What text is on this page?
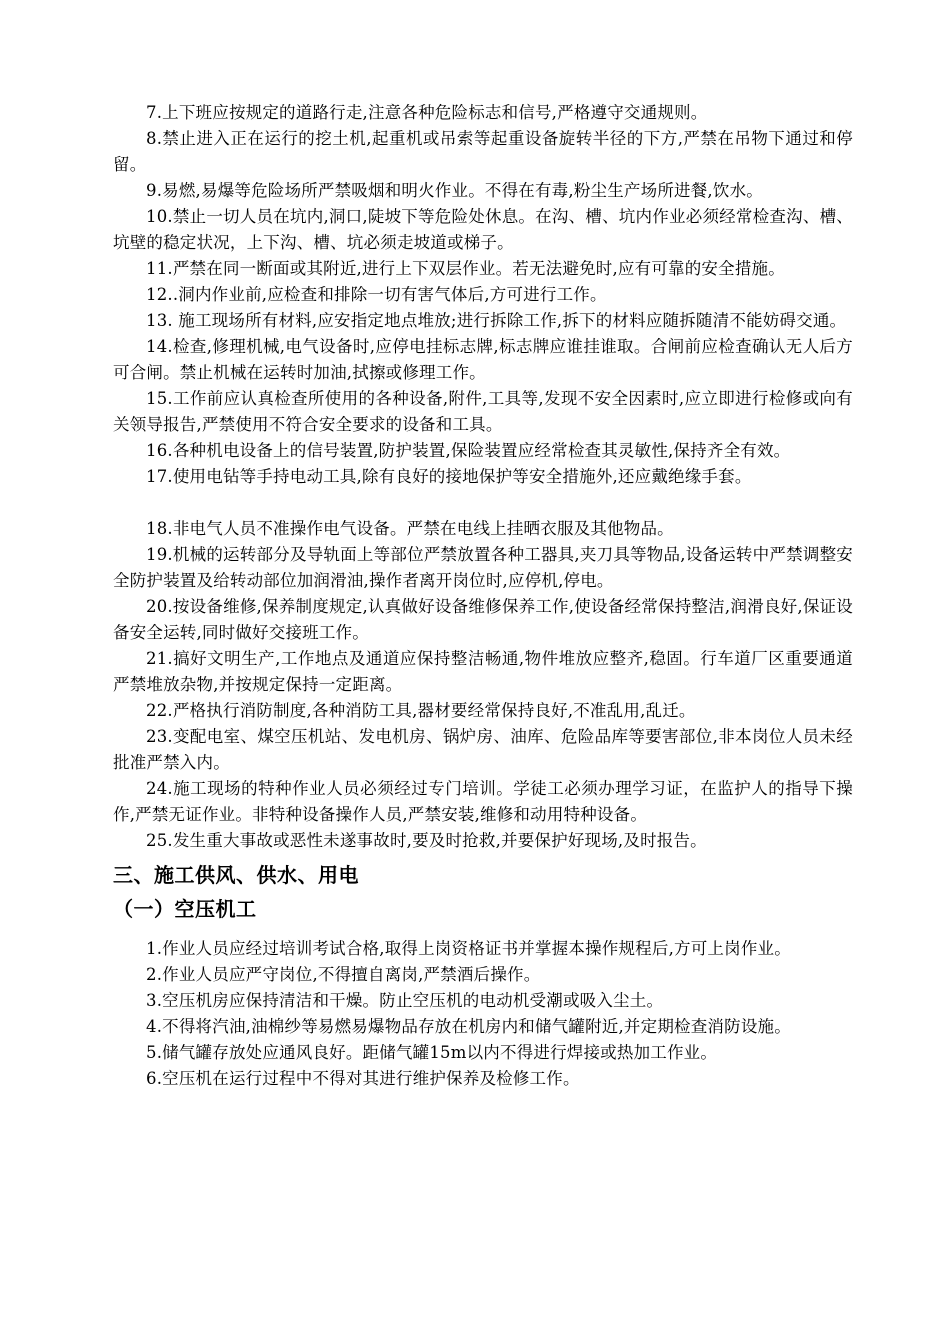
7.上下班应按规定的道路行走,注意各种危险标志和信号,严格遵守交通规则。

8.禁止进入正在运行的挖土机,起重机或吊索等起重设备旋转半径的下方,严禁在吊物下通过和停留。

9.易燃,易爆等危险场所严禁吸烟和明火作业。不得在有毒,粉尘生产场所进餐,饮水。

10.禁止一切人员在坑内,洞口,陡坡下等危险处休息。在沟、槽、坑内作业必须经常检查沟、槽、坑壁的稳定状况，上下沟、槽、坑必须走坡道或梯子。

11.严禁在同一断面或其附近,进行上下双层作业。若无法避免时,应有可靠的安全措施。

12..洞内作业前,应检查和排除一切有害气体后,方可进行工作。

13. 施工现场所有材料,应安指定地点堆放;进行拆除工作,拆下的材料应随拆随清不能妨碍交通。

14.检查,修理机械,电气设备时,应停电挂标志牌,标志牌应谁挂谁取。合闸前应检查确认无人后方可合闸。禁止机械在运转时加油,拭擦或修理工作。

15.工作前应认真检查所使用的各种设备,附件,工具等,发现不安全因素时,应立即进行检修或向有关领导报告,严禁使用不符合安全要求的设备和工具。

16.各种机电设备上的信号装置,防护装置,保险装置应经常检查其灵敏性,保持齐全有效。

17.使用电钻等手持电动工具,除有良好的接地保护等安全措施外,还应戴绝缘手套。

18.非电气人员不准操作电气设备。严禁在电线上挂晒衣服及其他物品。

19.机械的运转部分及导轨面上等部位严禁放置各种工器具,夹刀具等物品,设备运转中严禁调整安全防护装置及给转动部位加润滑油,操作者离开岗位时,应停机,停电。

20.按设备维修,保养制度规定,认真做好设备维修保养工作,使设备经常保持整洁,润滑良好,保证设备安全运转,同时做好交接班工作。

21.搞好文明生产,工作地点及通道应保持整洁畅通,物件堆放应整齐,稳固。行车道厂区重要通道严禁堆放杂物,并按规定保持一定距离。

22.严格执行消防制度,各种消防工具,器材要经常保持良好,不准乱用,乱迁。

23.变配电室、煤空压机站、发电机房、锅炉房、油库、危险品库等要害部位,非本岗位人员未经批准严禁入内。

24.施工现场的特种作业人员必须经过专门培训。学徒工必须办理学习证，在监护人的指导下操作,严禁无证作业。非特种设备操作人员,严禁安装,维修和动用特种设备。

25.发生重大事故或恶性未遂事故时,要及时抢救,并要保护好现场,及时报告。

三、施工供风、供水、用电
（一）空压机工

1.作业人员应经过培训考试合格,取得上岗资格证书并掌握本操作规程后,方可上岗作业。

2.作业人员应严守岗位,不得擅自离岗,严禁酒后操作。

3.空压机房应保持清洁和干燥。防止空压机的电动机受潮或吸入尘土。

4.不得将汽油,油棉纱等易燃易爆物品存放在机房内和储气罐附近,并定期检查消防设施。

5.储气罐存放处应通风良好。距储气罐15m以内不得进行焊接或热加工作业。

6.空压机在运行过程中不得对其进行维护保养及检修工作。
